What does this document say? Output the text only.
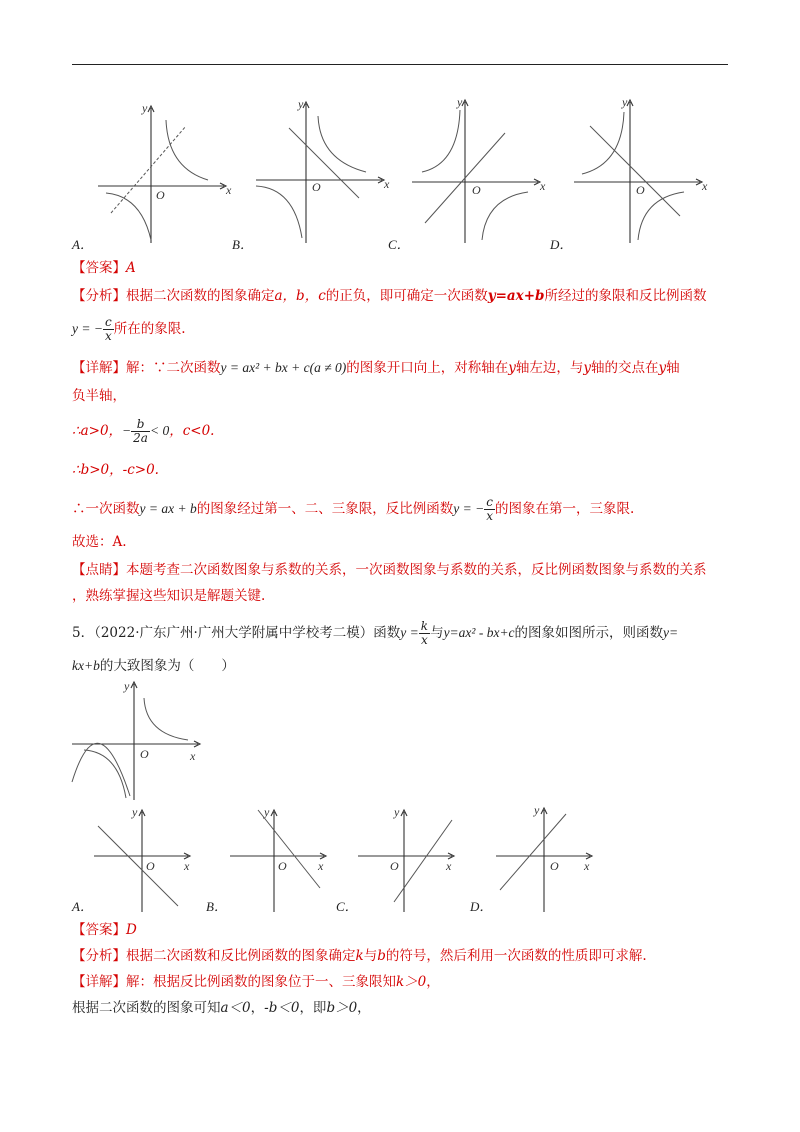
x
y
O
x
y
O	x
y
O	x
y
O
A．	B．	C．	D．
【答案】A
【分析】根据二次函数的图象确定a，b，c的正负，即可确定一次函数y=ax+b所经过的象限和反比例函数
y = − $\frac{c}{x}$ 所在的象限.
【详解】解：∵二次函数y = ax² + bx + c(a ≠ 0)的图象开口向上，对称轴在y轴左边，与y轴的交点在y轴
负半轴，
∴a>0，− $\frac{b}{2a} < 0$，c<0.
∴b>0，-c>0.
∴一次函数y = ax + b的图象经过第一、二、三象限，反比例函数y = − $\frac{c}{x}$ 的图象在第一，三象限.
故选：A.
【点睛】本题考查二次函数图象与系数的关系，一次函数图象与系数的关系，反比例函数图象与系数的关系
，熟练掌握这些知识是解题关键.
5．（2022·广东广州·广州大学附属中学校考二模）函数$y = \frac{k}{x}$ 与y=ax² - bx+c的图象如图所示，则函数y=
kx+b的大致图象为（　　）
x
y
O
x
y
O	x
y
O	x
y
O	x
y
O
A．	B．	C．	D．
【答案】D
【分析】根据二次函数和反比例函数的图象确定k与b的符号，然后利用一次函数的性质即可求解.
【详解】解：根据反比例函数的图象位于一、三象限知k＞0，
根据二次函数的图象可知a＜0，-b＜0，即b＞0，
